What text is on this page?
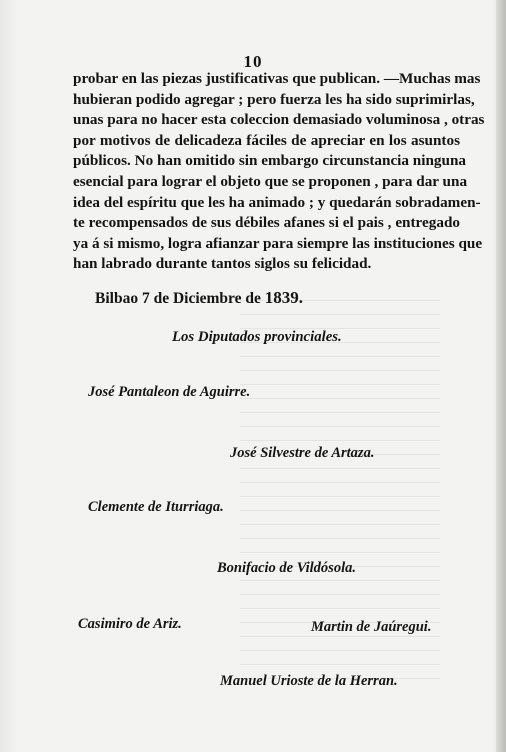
10
probar en las piezas justificativas que publican. —Muchas mas
hubieran podido agregar ; pero fuerza les ha sido suprimirlas,
unas para no hacer esta coleccion demasiado voluminosa , otras
por motivos de delicadeza fáciles de apreciar en los asuntos
públicos. No han omitido sin embargo circunstancia ninguna
esencial para lograr el objeto que se proponen , para dar una
idea del espíritu que les ha animado ; y quedarán sobradamen-
te recompensados de sus débiles afanes si el pais , entregado
ya á si mismo, logra afianzar para siempre las instituciones que
han labrado durante tantos siglos su felicidad.
Bilbao 7 de Diciembre de 1839.
Los Diputados provinciales.
José Pantaleon de Aguirre.
José Silvestre de Artaza.
Clemente de Iturriaga.
Bonifacio de Vildósola.
Casimiro de Ariz.	Martin de Jaúregui.
Manuel Urioste de la Herran.
